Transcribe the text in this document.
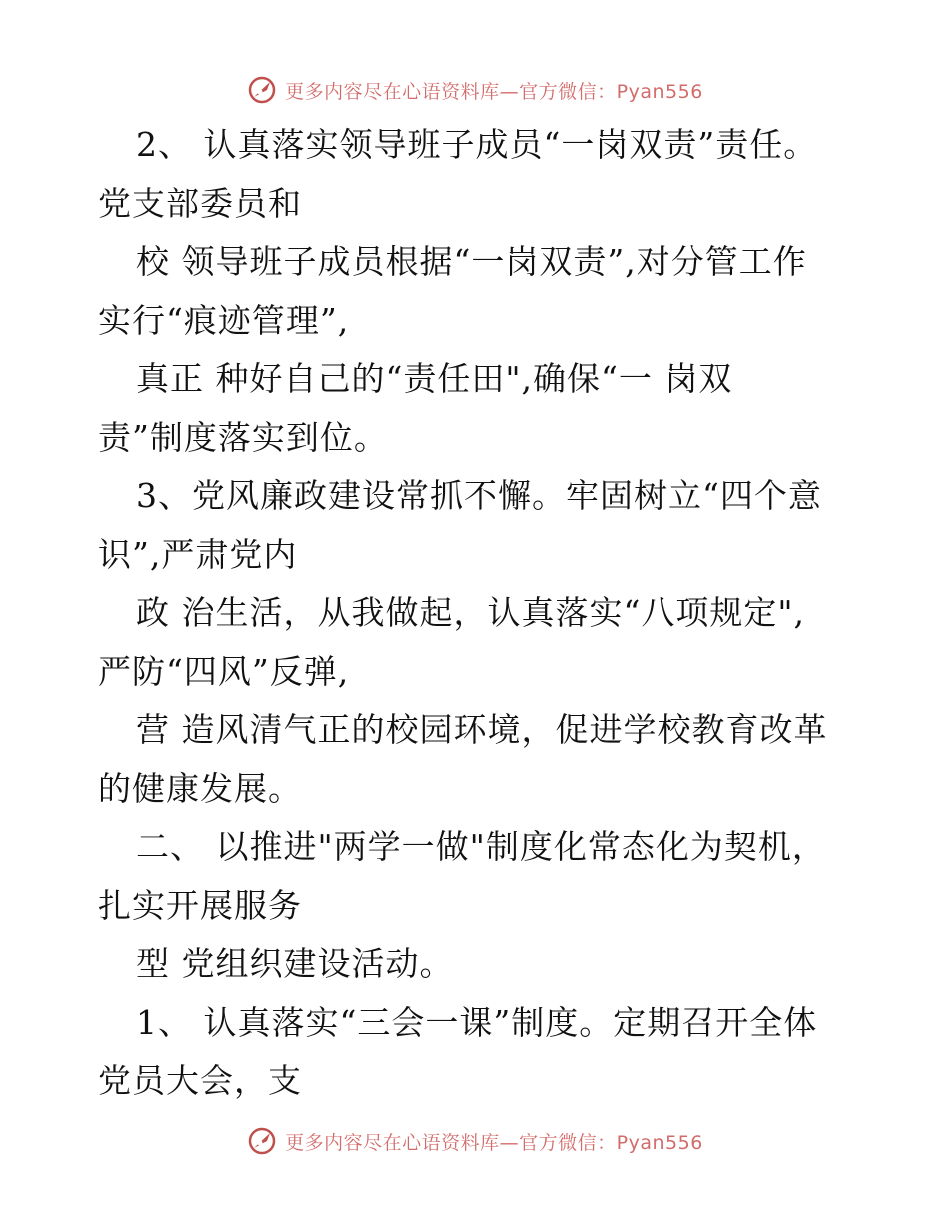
更多内容尽在心语资料库—官方微信：Pyan556
2、 认真落实领导班子成员“一岗双责”责任。
党支部委员和
校 领导班子成员根据“一岗双责”,对分管工作
实行“痕迹管理”,
真正 种好自己的“责任田",确保“一 岗双
责”制度落实到位。
3、党风廉政建设常抓不懈。牢固树立“四个意
识”,严肃党内
政 治生活，从我做起，认真落实“八项规定",
严防“四风”反弹,
营 造风清气正的校园环境，促进学校教育改革
的健康发展。
二、 以推进"两学一做"制度化常态化为契机，
扎实开展服务
型 党组织建设活动。
1、 认真落实“三会一课”制度。定期召开全体
党员大会，支
更多内容尽在心语资料库—官方微信：Pyan556
